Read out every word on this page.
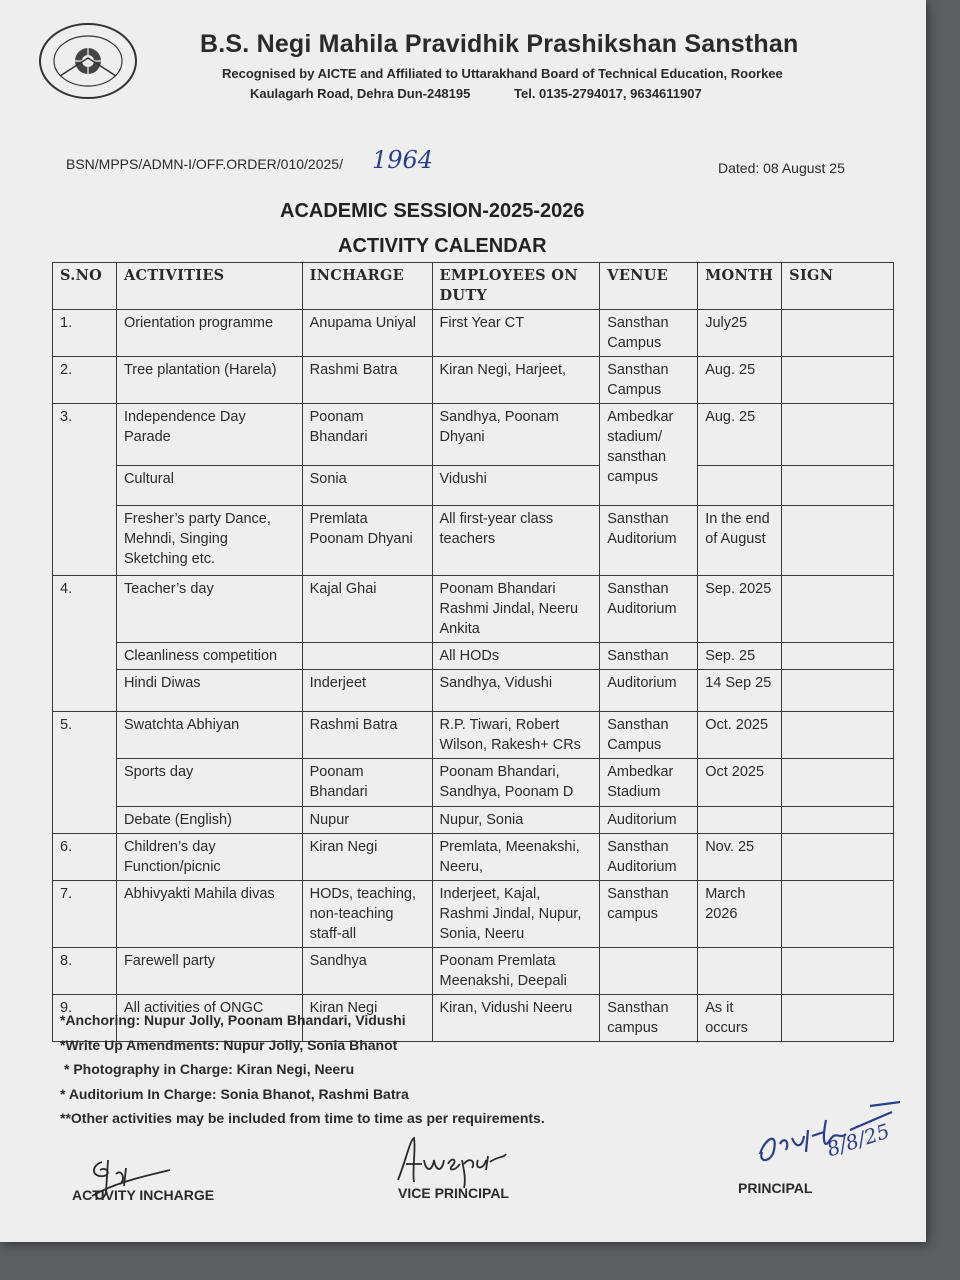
B.S. Negi Mahila Pravidhik Prashikshan Sansthan
Recognised by AICTE and Affiliated to Uttarakhand Board of Technical Education, Roorkee
Kaulagarh Road, Dehra Dun-248195	Tel. 0135-2794017, 9634611907
BSN/MPPS/ADMN-I/OFF.ORDER/010/2025/ 1964	Dated: 08 August 25
ACADEMIC SESSION-2025-2026
ACTIVITY CALENDAR
S.NO	ACTIVITIES	INCHARGE	EMPLOYEES ON DUTY	VENUE	MONTH	SIGN
1.	Orientation programme	Anupama Uniyal	First Year CT	Sansthan Campus	July25	
2.	Tree plantation (Harela)	Rashmi Batra	Kiran Negi, Harjeet,	Sansthan Campus	Aug. 25	
3.	Independence Day Parade	Poonam Bhandari	Sandhya, Poonam Dhyani	Ambedkar stadium/ sansthan campus	Aug. 25	
	Cultural	Sonia	Vidushi			
	Fresher’s party Dance, Mehndi, Singing Sketching etc.	Premlata Poonam Dhyani	All first-year class teachers	Sansthan Auditorium	In the end of August	
4.	Teacher’s day	Kajal Ghai	Poonam Bhandari Rashmi Jindal, Neeru Ankita	Sansthan Auditorium	Sep. 2025	
	Cleanliness competition		All HODs	Sansthan	Sep. 25	
	Hindi Diwas	Inderjeet	Sandhya, Vidushi	Auditorium	14 Sep 25	
5.	Swatchta Abhiyan	Rashmi Batra	R.P. Tiwari, Robert Wilson, Rakesh+ CRs	Sansthan Campus	Oct. 2025	
	Sports day	Poonam Bhandari	Poonam Bhandari, Sandhya, Poonam D	Ambedkar Stadium	Oct 2025	
	Debate (English)	Nupur	Nupur, Sonia	Auditorium		
6.	Children’s day Function/picnic	Kiran Negi	Premlata, Meenakshi, Neeru,	Sansthan Auditorium	Nov. 25	
7.	Abhivyakti Mahila divas	HODs, teaching, non-teaching staff-all	Inderjeet, Kajal, Rashmi Jindal, Nupur, Sonia, Neeru	Sansthan campus	March 2026	
8.	Farewell party	Sandhya	Poonam Premlata Meenakshi, Deepali			
9.	All activities of ONGC	Kiran Negi	Kiran, Vidushi Neeru	Sansthan campus	As it occurs	
*Anchoring: Nupur Jolly, Poonam Bhandari, Vidushi
*Write Up Amendments: Nupur Jolly, Sonia Bhanot
* Photography in Charge: Kiran Negi, Neeru
* Auditorium In Charge: Sonia Bhanot, Rashmi Batra
**Other activities may be included from time to time as per requirements.
ACTIVITY INCHARGE	VICE PRINCIPAL
8/8/25
PRINCIPAL
